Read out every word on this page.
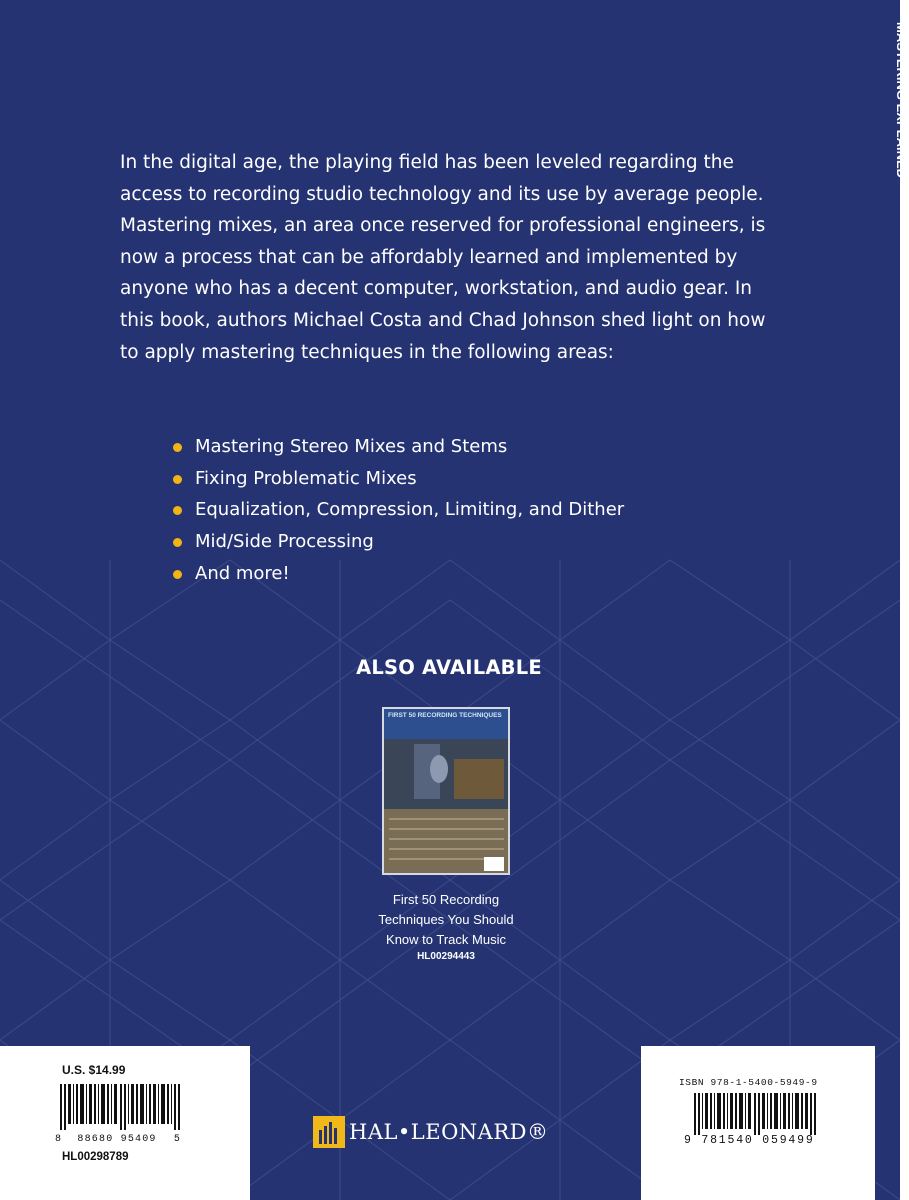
MASTERING EXPLAINED

In the digital age, the playing field has been leveled regarding the access to recording studio technology and its use by average people. Mastering mixes, an area once reserved for professional engineers, is now a process that can be affordably learned and implemented by anyone who has a decent computer, workstation, and audio gear. In this book, authors Michael Costa and Chad Johnson shed light on how to apply mastering techniques in the following areas:

Mastering Stereo Mixes and Stems
Fixing Problematic Mixes
Equalization, Compression, Limiting, and Dither
Mid/Side Processing
And more!
ALSO AVAILABLE
FIRST 50 RECORDING TECHNIQUES
First 50 Recording
Techniques You Should
Know to Track Music
HL00294443
U.S. $14.99
8 88680 95409 5
HL00298789
HAL•LEONARD®
ISBN 978-1-5400-5949-9
9 781540 059499
